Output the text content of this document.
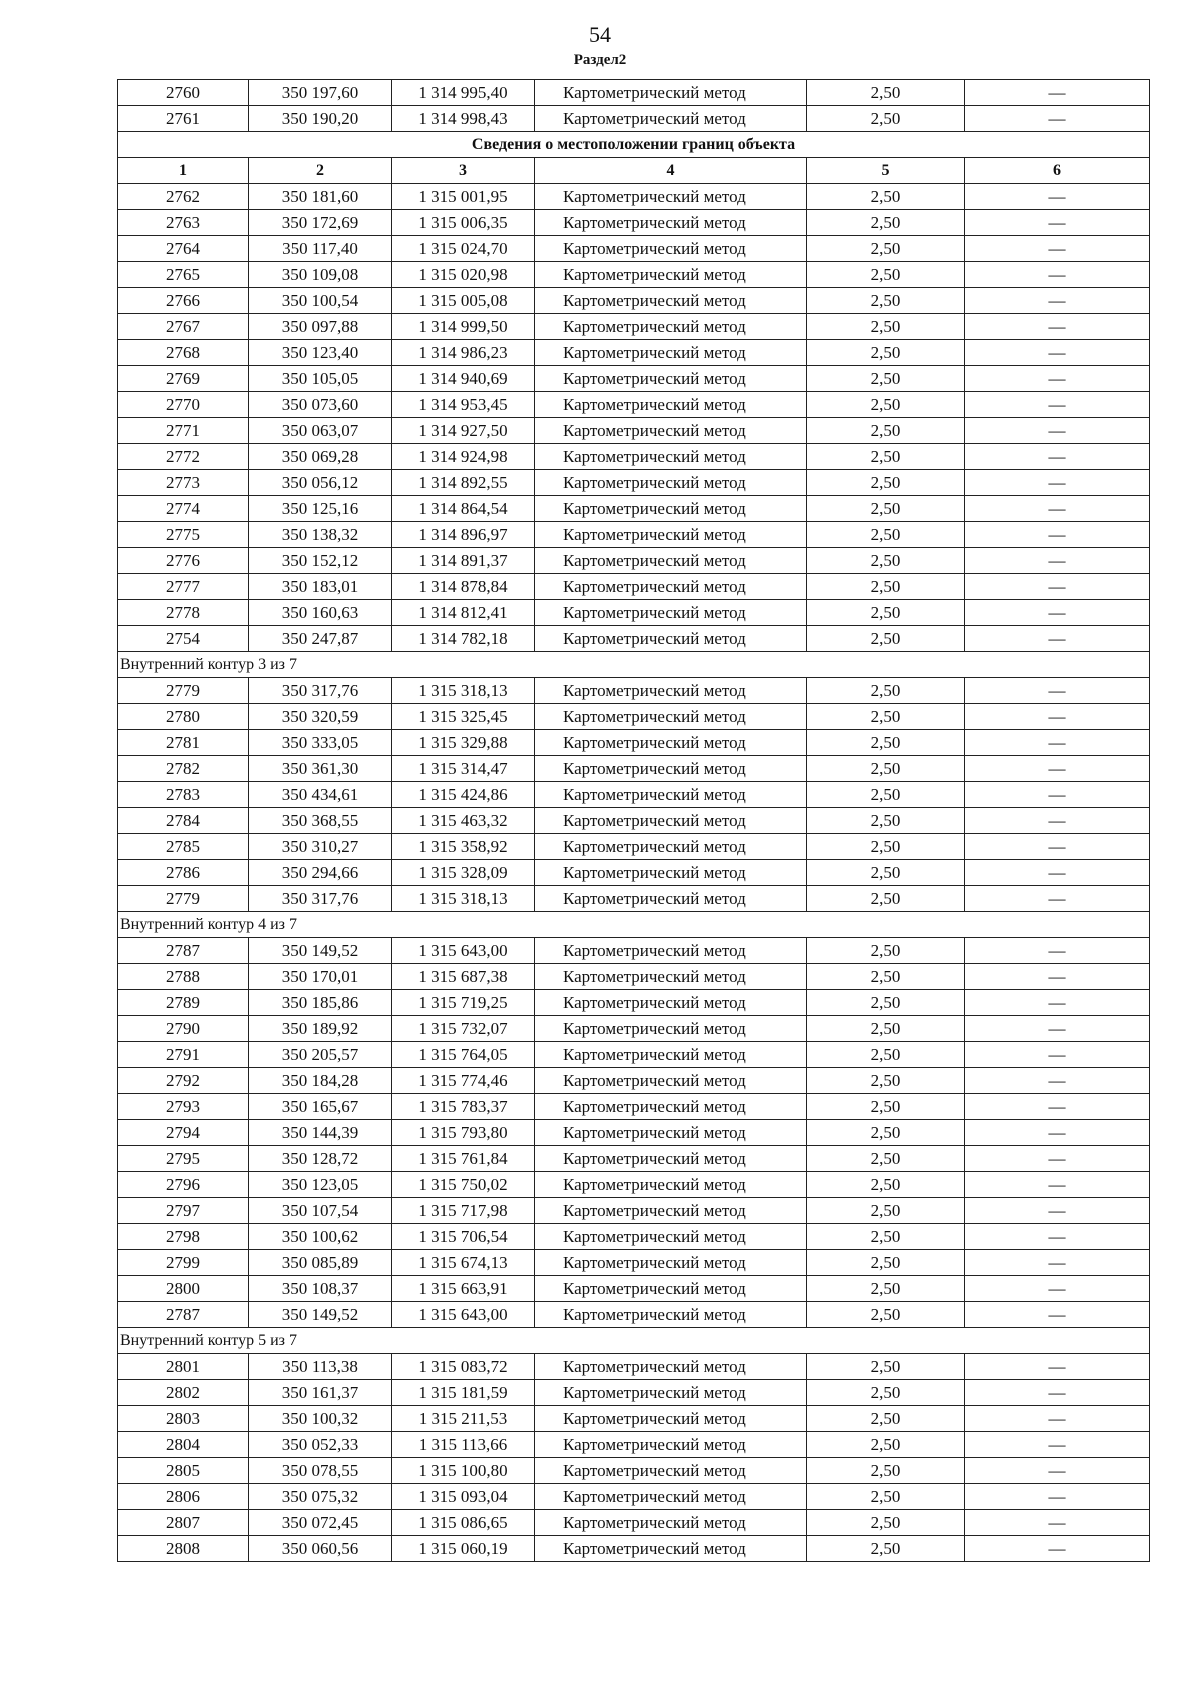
54
Раздел2
2760	350 197,60	1 314 995,40	Картометрический метод	2,50	—
2761	350 190,20	1 314 998,43	Картометрический метод	2,50	—
Сведения о местоположении границ объекта					
1	2	3	4	5	6
2762	350 181,60	1 315 001,95	Картометрический метод	2,50	—
2763	350 172,69	1 315 006,35	Картометрический метод	2,50	—
2764	350 117,40	1 315 024,70	Картометрический метод	2,50	—
2765	350 109,08	1 315 020,98	Картометрический метод	2,50	—
2766	350 100,54	1 315 005,08	Картометрический метод	2,50	—
2767	350 097,88	1 314 999,50	Картометрический метод	2,50	—
2768	350 123,40	1 314 986,23	Картометрический метод	2,50	—
2769	350 105,05	1 314 940,69	Картометрический метод	2,50	—
2770	350 073,60	1 314 953,45	Картометрический метод	2,50	—
2771	350 063,07	1 314 927,50	Картометрический метод	2,50	—
2772	350 069,28	1 314 924,98	Картометрический метод	2,50	—
2773	350 056,12	1 314 892,55	Картометрический метод	2,50	—
2774	350 125,16	1 314 864,54	Картометрический метод	2,50	—
2775	350 138,32	1 314 896,97	Картометрический метод	2,50	—
2776	350 152,12	1 314 891,37	Картометрический метод	2,50	—
2777	350 183,01	1 314 878,84	Картометрический метод	2,50	—
2778	350 160,63	1 314 812,41	Картометрический метод	2,50	—
2754	350 247,87	1 314 782,18	Картометрический метод	2,50	—
Внутренний контур 3 из 7					
2779	350 317,76	1 315 318,13	Картометрический метод	2,50	—
2780	350 320,59	1 315 325,45	Картометрический метод	2,50	—
2781	350 333,05	1 315 329,88	Картометрический метод	2,50	—
2782	350 361,30	1 315 314,47	Картометрический метод	2,50	—
2783	350 434,61	1 315 424,86	Картометрический метод	2,50	—
2784	350 368,55	1 315 463,32	Картометрический метод	2,50	—
2785	350 310,27	1 315 358,92	Картометрический метод	2,50	—
2786	350 294,66	1 315 328,09	Картометрический метод	2,50	—
2779	350 317,76	1 315 318,13	Картометрический метод	2,50	—
Внутренний контур 4 из 7					
2787	350 149,52	1 315 643,00	Картометрический метод	2,50	—
2788	350 170,01	1 315 687,38	Картометрический метод	2,50	—
2789	350 185,86	1 315 719,25	Картометрический метод	2,50	—
2790	350 189,92	1 315 732,07	Картометрический метод	2,50	—
2791	350 205,57	1 315 764,05	Картометрический метод	2,50	—
2792	350 184,28	1 315 774,46	Картометрический метод	2,50	—
2793	350 165,67	1 315 783,37	Картометрический метод	2,50	—
2794	350 144,39	1 315 793,80	Картометрический метод	2,50	—
2795	350 128,72	1 315 761,84	Картометрический метод	2,50	—
2796	350 123,05	1 315 750,02	Картометрический метод	2,50	—
2797	350 107,54	1 315 717,98	Картометрический метод	2,50	—
2798	350 100,62	1 315 706,54	Картометрический метод	2,50	—
2799	350 085,89	1 315 674,13	Картометрический метод	2,50	—
2800	350 108,37	1 315 663,91	Картометрический метод	2,50	—
2787	350 149,52	1 315 643,00	Картометрический метод	2,50	—
Внутренний контур 5 из 7					
2801	350 113,38	1 315 083,72	Картометрический метод	2,50	—
2802	350 161,37	1 315 181,59	Картометрический метод	2,50	—
2803	350 100,32	1 315 211,53	Картометрический метод	2,50	—
2804	350 052,33	1 315 113,66	Картометрический метод	2,50	—
2805	350 078,55	1 315 100,80	Картометрический метод	2,50	—
2806	350 075,32	1 315 093,04	Картометрический метод	2,50	—
2807	350 072,45	1 315 086,65	Картометрический метод	2,50	—
2808	350 060,56	1 315 060,19	Картометрический метод	2,50	—
